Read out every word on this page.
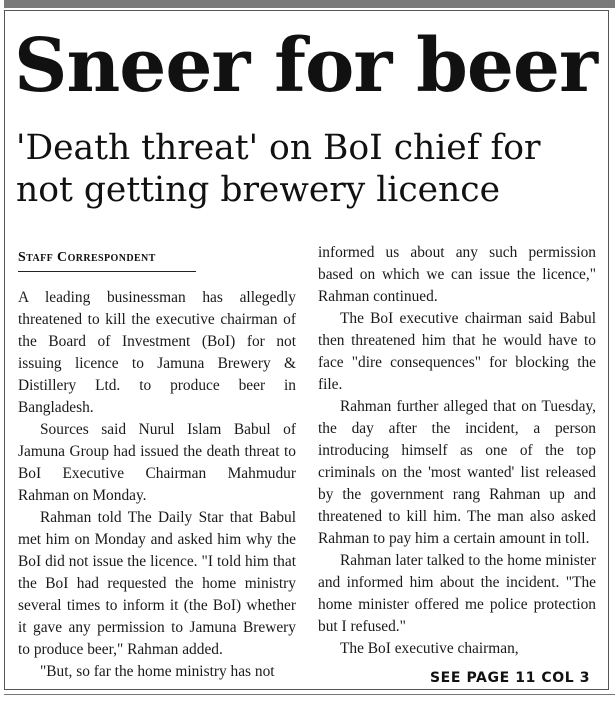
Sneer for beer
'Death threat' on BoI chief for not getting brewery licence
Staff Correspondent

A leading businessman has allegedly threatened to kill the executive chairman of the Board of Investment (BoI) for not issuing licence to Jamuna Brewery & Distillery Ltd. to produce beer in Bangladesh.

Sources said Nurul Islam Babul of Jamuna Group had issued the death threat to BoI Executive Chairman Mahmudur Rahman on Monday.

Rahman told The Daily Star that Babul met him on Monday and asked him why the BoI did not issue the licence. "I told him that the BoI had requested the home ministry several times to inform it (the BoI) whether it gave any permission to Jamuna Brewery to produce beer," Rahman added.

"But, so far the home ministry has not

informed us about any such permission based on which we can issue the licence," Rahman continued.

The BoI executive chairman said Babul then threatened him that he would have to face "dire consequences" for blocking the file.

Rahman further alleged that on Tuesday, the day after the incident, a person introducing himself as one of the top criminals on the 'most wanted' list released by the government rang Rahman up and threatened to kill him. The man also asked Rahman to pay him a certain amount in toll.

Rahman later talked to the home minister and informed him about the incident. "The home minister offered me police protection but I refused."

The BoI executive chairman,

SEE PAGE 11 COL 3
